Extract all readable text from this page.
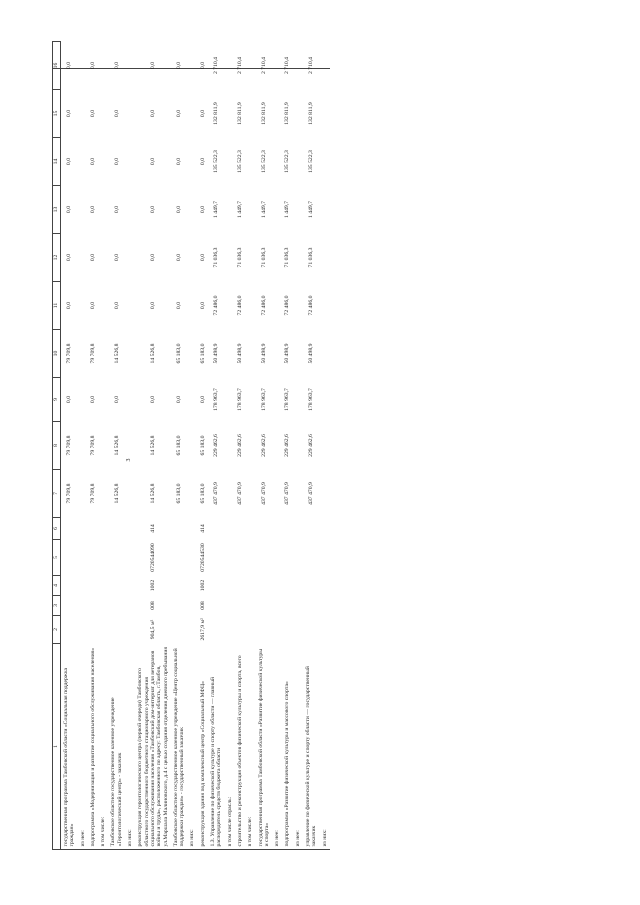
1	2	3	4	5	6	7	8	9	10	11	12	13	14	15	16
государственная программа Тамбовской области «Социальная поддержка граждан»						79 709,8	79 709,8	0,0	79 709,8	0,0	0,0	0,0	0,0	0,0	0,0
из нее:															
подпрограмма «Модернизация и развитие социального обслуживания населения»						79 709,8	79 709,8	0,0	79 709,8	0,0	0,0	0,0	0,0	0,0	0,0
в том числе:															
Тамбовское областное государственное казенное учреждение «Геронтологический центр» - заказчик						14 526,8	14 526,8	0,0	14 526,8	0,0	0,0	0,0	0,0	0,0	0,0
из них:															
реконструкция геронтологического центра (первой очереди) Тамбовского областного государственного бюджетного стационарного учреждения социального обслуживания населения «Тамбовский дом-интернат для ветеранов войны и труда», расположенного по адресу: Тамбовская область, г.Тамбов, ул.Маршала Малиновского, д.4 с целью создания отделения дневного пребывания	904,5 м²	008	1002	0720544090	414	14 526,8	14 526,8	0,0	14 526,8	0,0	0,0	0,0	0,0	0,0	0,0
Тамбовское областное государственное казенное учреждение «Центр социальной поддержки граждан» - государственный заказчик						65 183,0	65 183,0	0,0	65 183,0	0,0	0,0	0,0	0,0	0,0	0,0
из них:															
реконструкция здания под комплексный центр «Социальный МФЦ»	2617,9 м²	008	1002	0720544530	414	65 183,0	65 183,0	0,0	65 183,0	0,0	0,0	0,0	0,0	0,0	0,0
1.3. Управление по физической культуре и спорту области — главный распорядитель средств бюджета области						437 470,9	229 462,6	178 963,7	50 498,9	72 486,0	71 036,3	1 449,7	135 522,3	132 811,9	2 710,4
в том числе отрасль:															
строительство и реконструкция объектов физической культуры и спорта, всего						437 470,9	229 462,6	178 963,7	50 498,9	72 486,0	71 036,3	1 449,7	135 522,3	132 811,9	2 710,4
в том числе:															
государственная программа Тамбовской области «Развитие физической культуры и спорта»						437 470,9	229 462,6	178 963,7	50 498,9	72 486,0	71 036,3	1 449,7	135 522,3	132 811,9	2 710,4
из нее:															
подпрограмма «Развитие физической культуры и массового спорта»						437 470,9	229 462,6	178 963,7	50 498,9	72 486,0	71 036,3	1 449,7	135 522,3	132 811,9	2 710,4
из нее:															
управление по физической культуре и спорту области — государственный заказчик						437 470,9	229 462,6	178 963,7	50 498,9	72 486,0	71 036,3	1 449,7	135 522,3	132 811,9	2 710,4
из них:															
3
